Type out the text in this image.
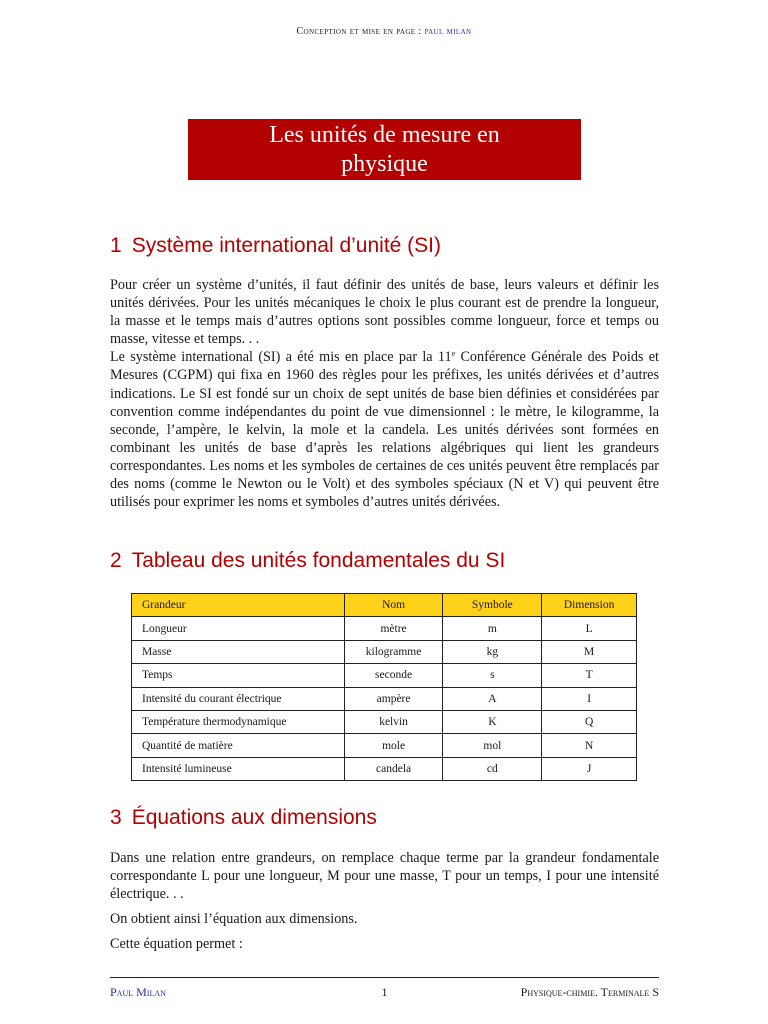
Conception et mise en page : paul milan
Les unités de mesure en
physique
1 Système international d’unité (SI)

Pour créer un système d’unités, il faut définir des unités de base, leurs valeurs et définir les unités dérivées. Pour les unités mécaniques le choix le plus courant est de prendre la longueur, la masse et le temps mais d’autres options sont possibles comme longueur, force et temps ou masse, vitesse et temps. . .

Le système international (SI) a été mis en place par la 11e Conférence Générale des Poids et Mesures (CGPM) qui fixa en 1960 des règles pour les préfixes, les unités dérivées et d’autres indications. Le SI est fondé sur un choix de sept unités de base bien définies et considérées par convention comme indépendantes du point de vue dimensionnel : le mètre, le kilogramme, la seconde, l’ampère, le kelvin, la mole et la candela. Les unités dérivées sont formées en combinant les unités de base d’après les relations algébriques qui lient les grandeurs correspondantes. Les noms et les symboles de certaines de ces unités peuvent être remplacés par des noms (comme le Newton ou le Volt) et des symboles spéciaux (N et V) qui peuvent être utilisés pour exprimer les noms et symboles d’autres unités dérivées.

2 Tableau des unités fondamentales du SI
Grandeur	Nom	Symbole	Dimension
Longueur	mètre	m	L
Masse	kilogramme	kg	M
Temps	seconde	s	T
Intensité du courant électrique	ampère	A	I
Température thermodynamique	kelvin	K	Q
Quantité de matière	mole	mol	N
Intensité lumineuse	candela	cd	J
3 Équations aux dimensions

Dans une relation entre grandeurs, on remplace chaque terme par la grandeur fondamentale correspondante L pour une longueur, M pour une masse, T pour un temps, I pour une intensité électrique. . .

On obtient ainsi l’équation aux dimensions.

Cette équation permet :

Paul Milan	1	Physique-chimie. Terminale S
